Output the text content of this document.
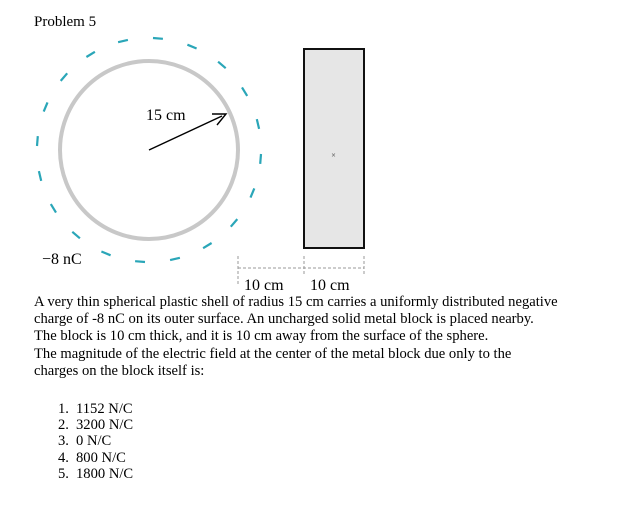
Problem 5
15 cm
−8 nC
×
10 cm 10 cm
A very thin spherical plastic shell of radius 15 cm carries a uniformly distributed negative
charge of -8 nC on its outer surface. An uncharged solid metal block is placed nearby.
The block is 10 cm thick, and it is 10 cm away from the surface of the sphere.
The magnitude of the electric field at the center of the metal block due only to the
charges on the block itself is:
1. 1152 N/C
2. 3200 N/C
3. 0 N/C
4. 800 N/C
5. 1800 N/C
